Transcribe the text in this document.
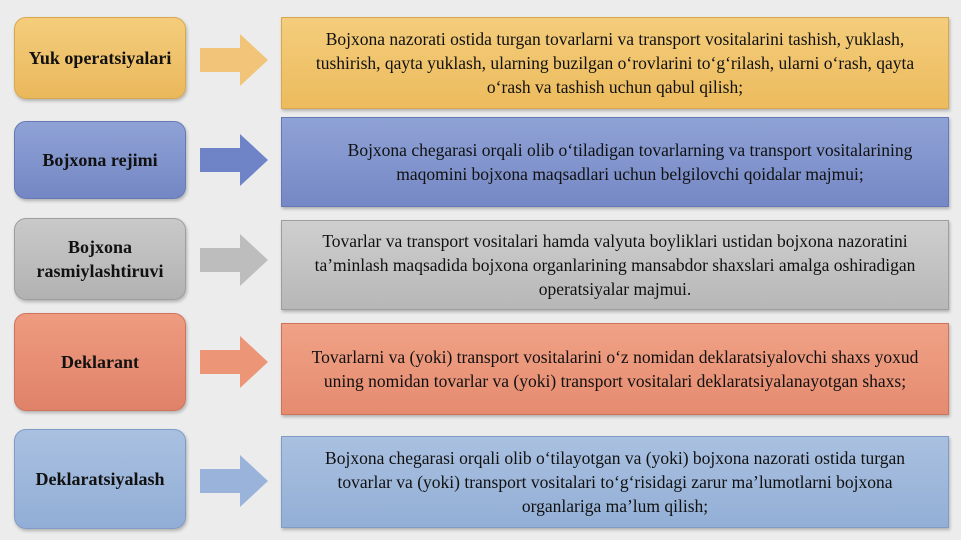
Yuk operatsiyalari
Bojxona nazorati ostida turgan tovarlarni va transport vositalarini tashish, yuklash, tushirish, qayta yuklash, ularning buzilgan o‘rovlarini to‘g‘rilash, ularni o‘rash, qayta o‘rash va tashish uchun qabul qilish;
Bojxona rejimi	Bojxona chegarasi orqali olib o‘tiladigan tovarlarning va transport vositalarining maqomini bojxona maqsadlari uchun belgilovchi qoidalar majmui;
Bojxona rasmiylashtiruvi
Tovarlar va transport vositalari hamda valyuta boyliklari ustidan bojxona nazoratini ta’minlash maqsadida bojxona organlarining mansabdor shaxslari amalga oshiradigan operatsiyalar majmui.
Deklarant	Tovarlarni va (yoki) transport vositalarini o‘z nomidan deklaratsiyalovchi shaxs yoxud uning nomidan tovarlar va (yoki) transport vositalari deklaratsiyalanayotgan shaxs;
Deklaratsiyalash
Bojxona chegarasi orqali olib o‘tilayotgan va (yoki) bojxona nazorati ostida turgan tovarlar va (yoki) transport vositalari to‘g‘risidagi zarur ma’lumotlarni bojxona organlariga ma’lum qilish;
